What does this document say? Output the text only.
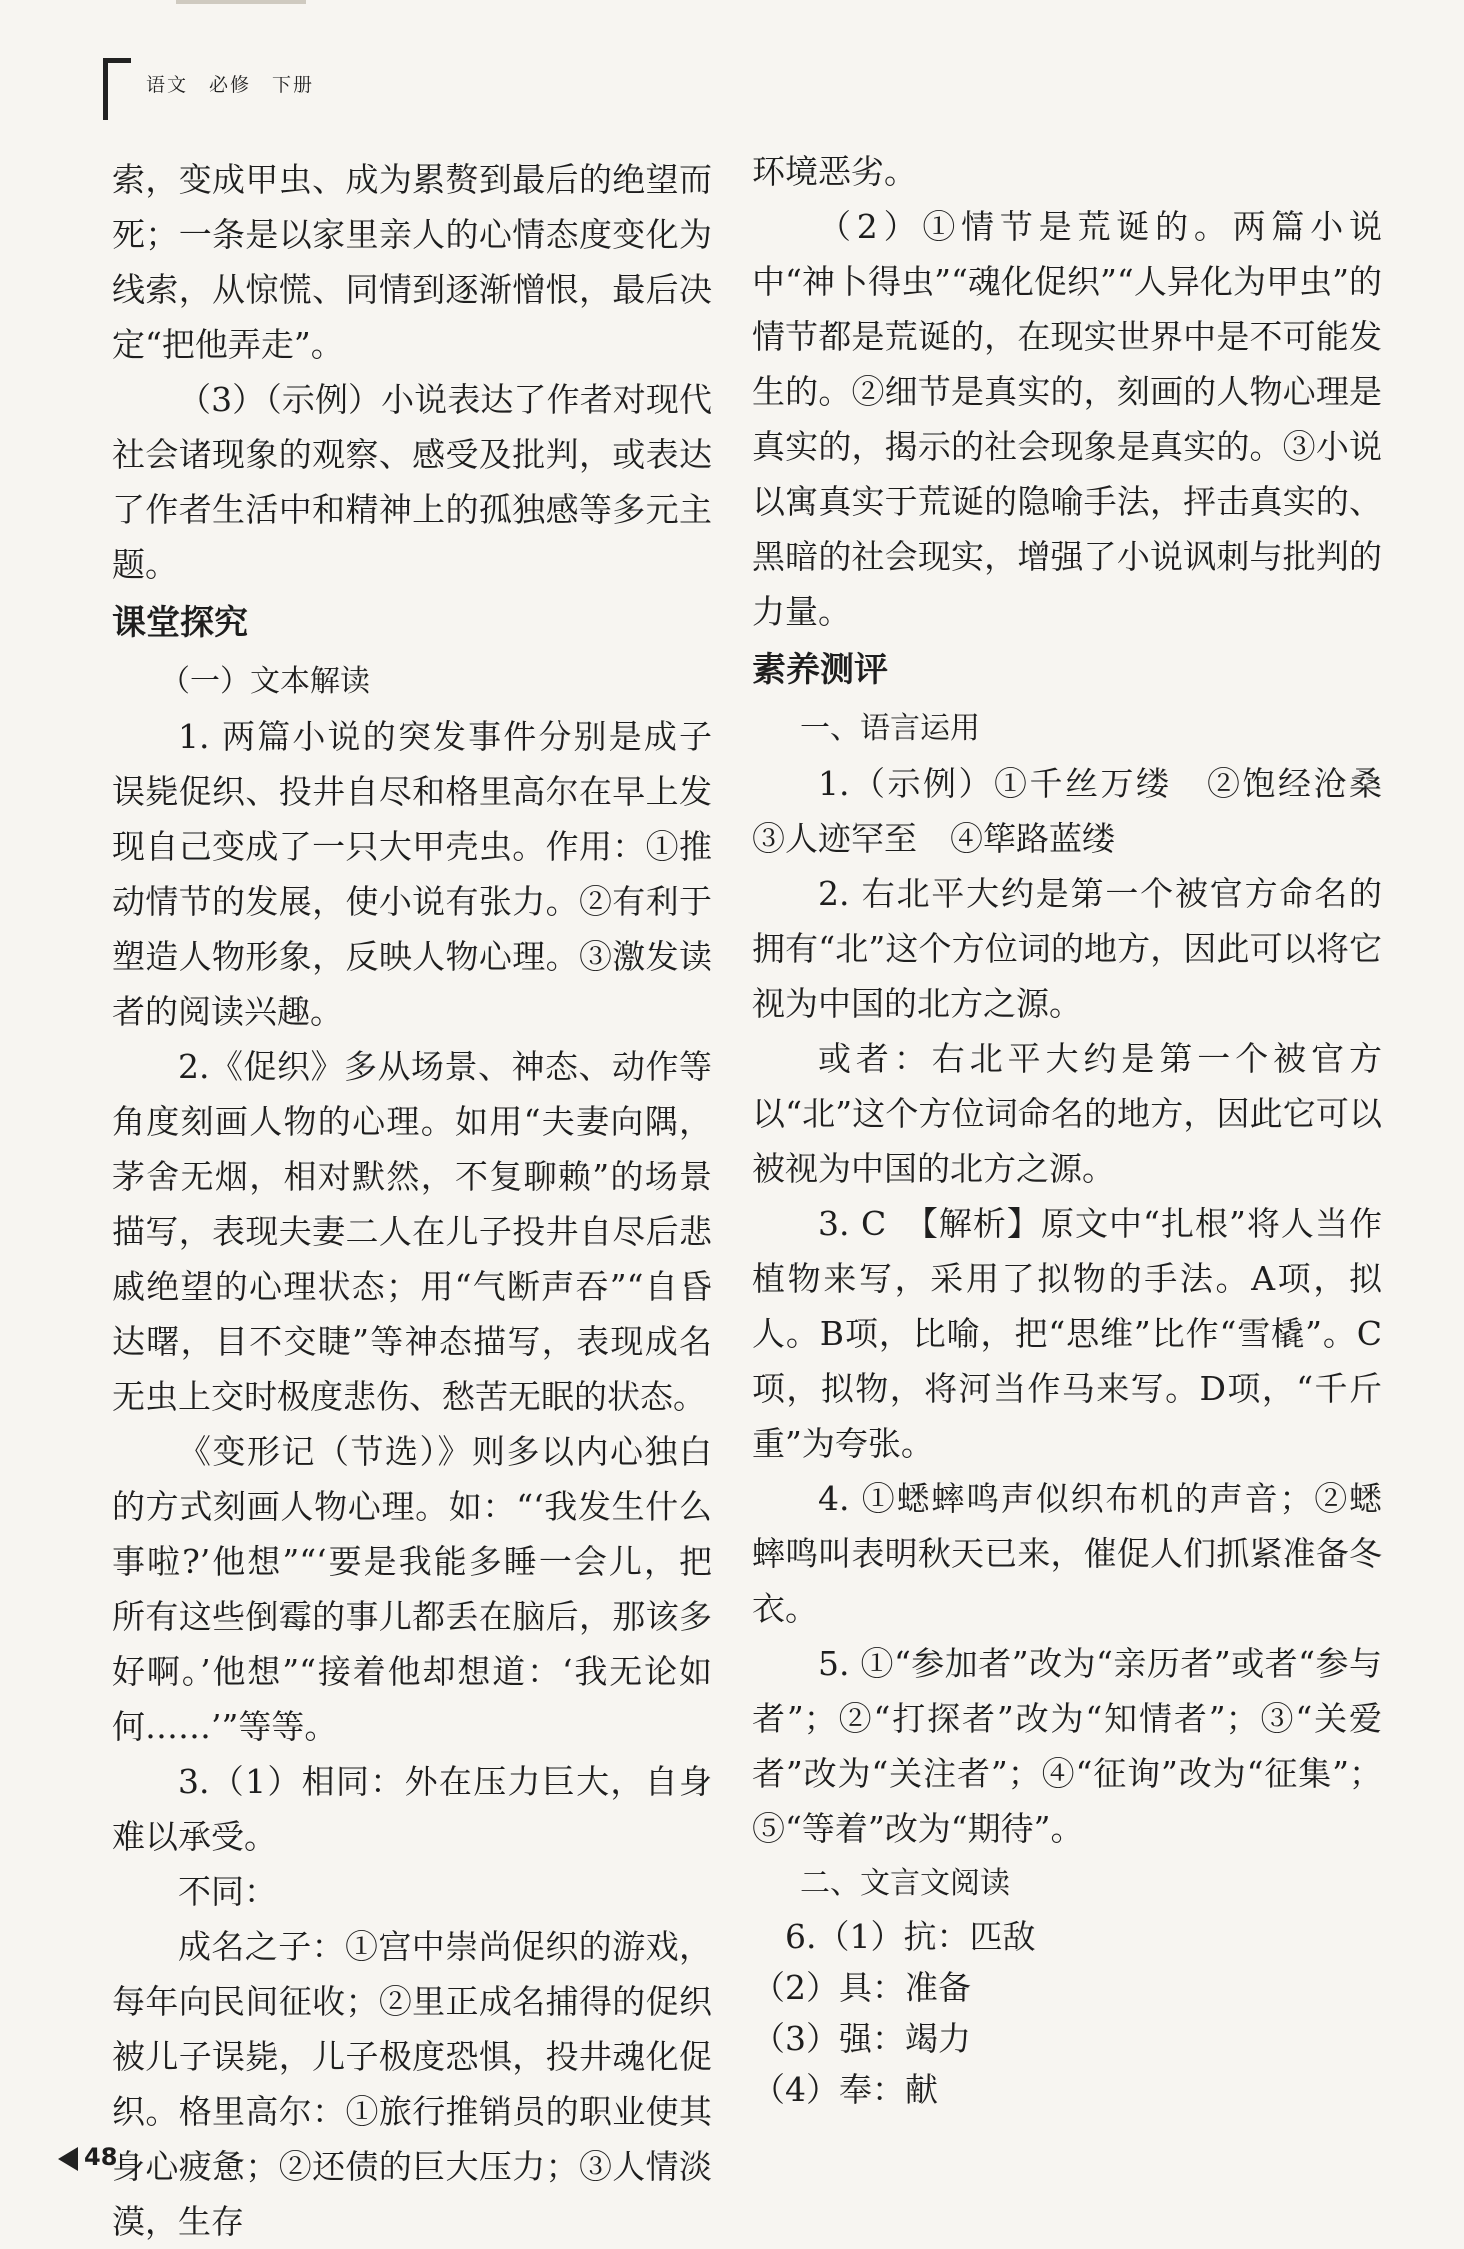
语文　必修　下册

索，变成甲虫、成为累赘到最后的绝望而死；一条是以家里亲人的心情态度变化为线索，从惊慌、同情到逐渐憎恨，最后决定“把他弄走”。

（3）（示例）小说表达了作者对现代社会诸现象的观察、感受及批判，或表达了作者生活中和精神上的孤独感等多元主题。

课堂探究

（一）文本解读

1. 两篇小说的突发事件分别是成子误毙促织、投井自尽和格里高尔在早上发现自己变成了一只大甲壳虫。作用：①推动情节的发展，使小说有张力。②有利于塑造人物形象，反映人物心理。③激发读者的阅读兴趣。

2.《促织》多从场景、神态、动作等角度刻画人物的心理。如用“夫妻向隅，茅舍无烟，相对默然，不复聊赖”的场景描写，表现夫妻二人在儿子投井自尽后悲戚绝望的心理状态；用“气断声吞”“自昏达曙，目不交睫”等神态描写，表现成名无虫上交时极度悲伤、愁苦无眠的状态。

《变形记（节选）》则多以内心独白的方式刻画人物心理。如：“‘我发生什么事啦?’他想”“‘要是我能多睡一会儿，把所有这些倒霉的事儿都丢在脑后，那该多好啊。’他想”“接着他却想道：‘我无论如何……’”等等。

3.（1）相同：外在压力巨大，自身难以承受。

不同：

成名之子：①宫中崇尚促织的游戏，每年向民间征收；②里正成名捕得的促织被儿子误毙，儿子极度恐惧，投井魂化促织。格里高尔：①旅行推销员的职业使其身心疲惫；②还债的巨大压力；③人情淡漠，生存

环境恶劣。

（2）①情节是荒诞的。两篇小说中“神卜得虫”“魂化促织”“人异化为甲虫”的情节都是荒诞的，在现实世界中是不可能发生的。②细节是真实的，刻画的人物心理是真实的，揭示的社会现象是真实的。③小说以寓真实于荒诞的隐喻手法，抨击真实的、黑暗的社会现实，增强了小说讽刺与批判的力量。

素养测评

一、语言运用

1.（示例）①千丝万缕　②饱经沧桑　③人迹罕至　④筚路蓝缕

2. 右北平大约是第一个被官方命名的拥有“北”这个方位词的地方，因此可以将它视为中国的北方之源。

或者：右北平大约是第一个被官方以“北”这个方位词命名的地方，因此它可以被视为中国的北方之源。

3. C　【解析】原文中“扎根”将人当作植物来写，采用了拟物的手法。A项，拟人。B项，比喻，把“思维”比作“雪橇”。C项，拟物，将河当作马来写。D项，“千斤重”为夸张。

4. ①蟋蟀鸣声似织布机的声音；②蟋蟀鸣叫表明秋天已来，催促人们抓紧准备冬衣。

5. ①“参加者”改为“亲历者”或者“参与者”；②“打探者”改为“知情者”；③“关爱者”改为“关注者”；④“征询”改为“征集”；⑤“等着”改为“期待”。

二、文言文阅读

6.（1）抗：匹敌

（2）具：准备

（3）强：竭力

（4）奉：献

48
